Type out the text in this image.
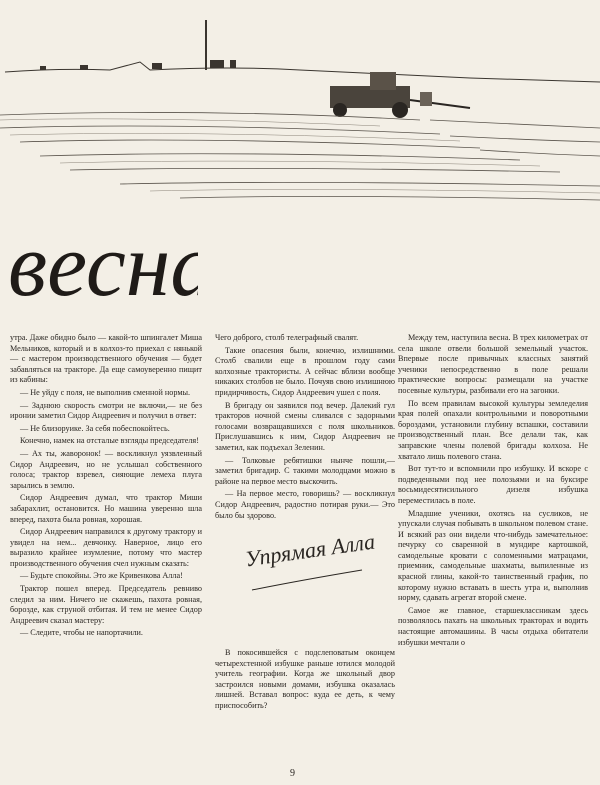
весна

утра. Даже обидно было — какой-то шпингалет Миша Мельников, который и в колхоз-то приехал с нянькой — с мастером производственного обучения — будет забавляться на тракторе. Да еще самоуверенно пищит из кабины:

— Не уйду с поля, не выполнив сменной нормы.

— Заднюю скорость смотри не включи,— не без иронии заметил Сидор Андреевич и получил в ответ:

— Не близоруике. За себя побеспокойтесь.

Конечно, намек на отсталые взгляды председателя!

— Ах ты, жаворонок! — воскликнул уязвленный Сидор Андреевич, но не услышал собственного голоса; трактор взревел, сияющие лемеха плуга зарылись в землю.

Сидор Андреевич думал, что трактор Миши забарахлит, остановится. Но машина уверенно шла вперед, пахота была ровная, хорошая.

Сидор Андреевич направился к другому трактору и увидел на нем... девчонку. Наверное, лицо его выразило крайнее изумление, потому что мастер производственного обучения счел нужным сказать:

— Будьте спокойны. Это же Кривенкова Алла!

Трактор пошел вперед. Председатель ревниво следил за ним. Ничего не скажешь, пахота ровная, борозде, как струной отбитая. И тем не менее Сидор Андреевич сказал мастеру:

— Следите, чтобы не напортачили.

Чего доброго, столб телеграфный свалят.

Такие опасения были, конечно, излишними. Столб свалили еще в прошлом году сами колхозные трактористы. А сейчас вблизи вообще никаких столбов не было. Почуяв свою излишнюю придирчивость, Сидор Андреевич ушел с поля.

В бригаду он заявился под вечер. Далекий гул тракторов ночной смены сливался с задорными голосами возвращавшихся с поля школьников. Прислушавшись к ним, Сидор Андреевич не заметил, как подъехал Зеленин.

— Толковые ребятишки нынче пошли,— заметил бригадир. С такими молодцами можно в районе на первое место выскочить.

— На первое место, говоришь? — воскликнул Сидор Андреевич, радостно потирая руки.— Это было бы здорово.

Упрямая Алла

В покосившейся с подслеповатым оконцем четырехстенной избушке раньше ютился молодой учитель географии. Когда же школьный двор застроился новыми домами, избушка оказалась лишней. Вставал вопрос: куда ее деть, к чему приспособить?

Между тем, наступила весна. В трех километрах от села школе отвели большой земельный участок. Впервые после привычных классных занятий ученики непосредственно в поле решали практические вопросы: размещали на участке посевные культуры, разбивали его на загонки.

По всем правилам высокой культуры земледелия края полей опахали контрольными и поворотными бороздами, установили глубину вспашки, составили производственный план. Все делали так, как заправские члены полевой бригады колхоза. Не хватало лишь полевого стана.

Вот тут-то и вспомнили про избушку. И вскоре с подведенными под нее полозьями и на буксире восьмидесятисильного дизеля избушка переместилась в поле.

Младшие ученики, охотясь на сусликов, не упускали случая побывать в школьном полевом стане. И всякий раз они видели что-нибудь замечательное: печурку со сваренной в мундире картошкой, самодельные кровати с соломенными матрацами, приемник, самодельные шахматы, выпиленные из красной глины, какой-то таинственный график, по которому нужно вставать в шесть утра и, выполнив норму, сдавать агрегат второй смене.

Самое же главное, старшеклассникам здесь позволялось пахать на школьных тракторах и водить настоящие автомашины. В часы отдыха обитатели избушки мечтали о

9
